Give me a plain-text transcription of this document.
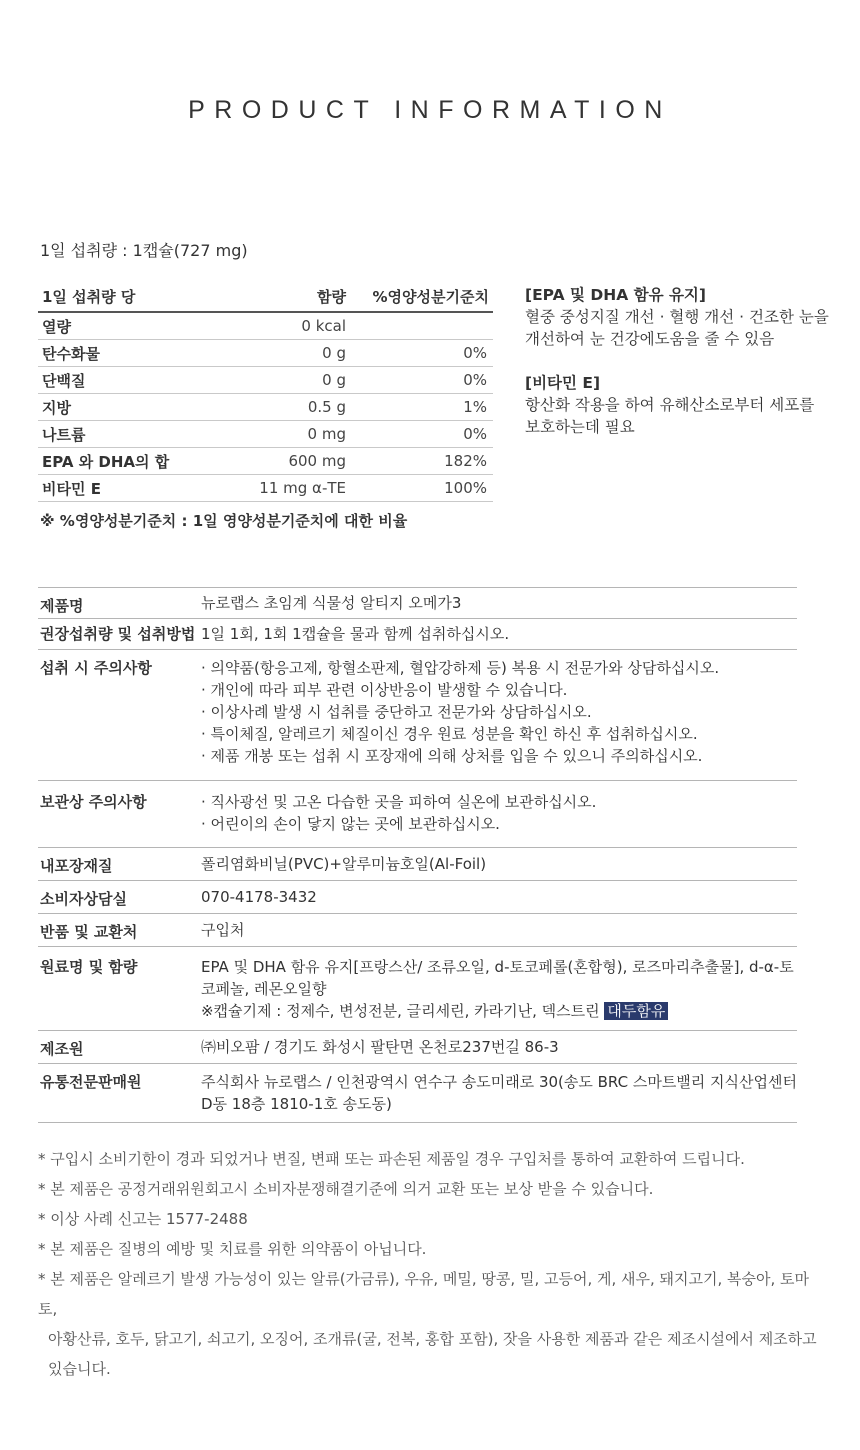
PRODUCT INFORMATION
1일 섭취량 : 1캡슐(727 mg)
1일 섭취량 당	함량	%영양성분기준치
열량	0 kcal	
탄수화물	0 g	0%
단백질	0 g	0%
지방	0.5 g	1%
나트륨	0 mg	0%
EPA 와 DHA의 합	600 mg	182%
비타민 E	11 mg α-TE	100%
※ %영양성분기준치 : 1일 영양성분기준치에 대한 비율
[EPA 및 DHA 함유 유지]
혈중 중성지질 개선 · 혈행 개선 · 건조한 눈을
개선하여 눈 건강에도움을 줄 수 있음
[비타민 E]
항산화 작용을 하여 유해산소로부터 세포를
보호하는데 필요
제품명	뉴로랩스 초임계 식물성 알티지 오메가3

권장섭취량 및 섭취방법	1일 1회, 1회 1캡슐을 물과 함께 섭취하십시오.

섭취 시 주의사항	· 의약품(항응고제, 항혈소판제, 혈압강하제 등) 복용 시 전문가와 상담하십시오.
· 개인에 따라 피부 관련 이상반응이 발생할 수 있습니다.
· 이상사례 발생 시 섭취를 중단하고 전문가와 상담하십시오.
· 특이체질, 알레르기 체질이신 경우 원료 성분을 확인 하신 후 섭취하십시오.
· 제품 개봉 또는 섭취 시 포장재에 의해 상처를 입을 수 있으니 주의하십시오.

보관상 주의사항	· 직사광선 및 고온 다습한 곳을 피하여 실온에 보관하십시오.
· 어린이의 손이 닿지 않는 곳에 보관하십시오.

내포장재질	폴리염화비닐(PVC)+알루미늄호일(Al-Foil)

소비자상담실	070-4178-3432

반품 및 교환처	구입처

원료명 및 함량	EPA 및 DHA 함유 유지[프랑스산/ 조류오일, d-토코페롤(혼합형), 로즈마리추출물], d-α-토
코페놀, 레몬오일향
※캡슐기제 : 정제수, 변성전분, 글리세린, 카라기난, 덱스트린 대두함유

제조원	㈜비오팜 / 경기도 화성시 팔탄면 온천로237번길 86-3

유통전문판매원	주식회사 뉴로랩스 / 인천광역시 연수구 송도미래로 30(송도 BRC 스마트밸리 지식산업센터
D동 18층 1810-1호 송도동)
* 구입시 소비기한이 경과 되었거나 변질, 변패 또는 파손된 제품일 경우 구입처를 통하여 교환하여 드립니다.
* 본 제품은 공정거래위원회고시 소비자분쟁해결기준에 의거 교환 또는 보상 받을 수 있습니다.
* 이상 사례 신고는 1577-2488
* 본 제품은 질병의 예방 및 치료를 위한 의약품이 아닙니다.
* 본 제품은 알레르기 발생 가능성이 있는 알류(가금류), 우유, 메밀, 땅콩, 밀, 고등어, 게, 새우, 돼지고기, 복숭아, 토마토,
아황산류, 호두, 닭고기, 쇠고기, 오징어, 조개류(굴, 전복, 홍합 포함), 잣을 사용한 제품과 같은 제조시설에서 제조하고
있습니다.
